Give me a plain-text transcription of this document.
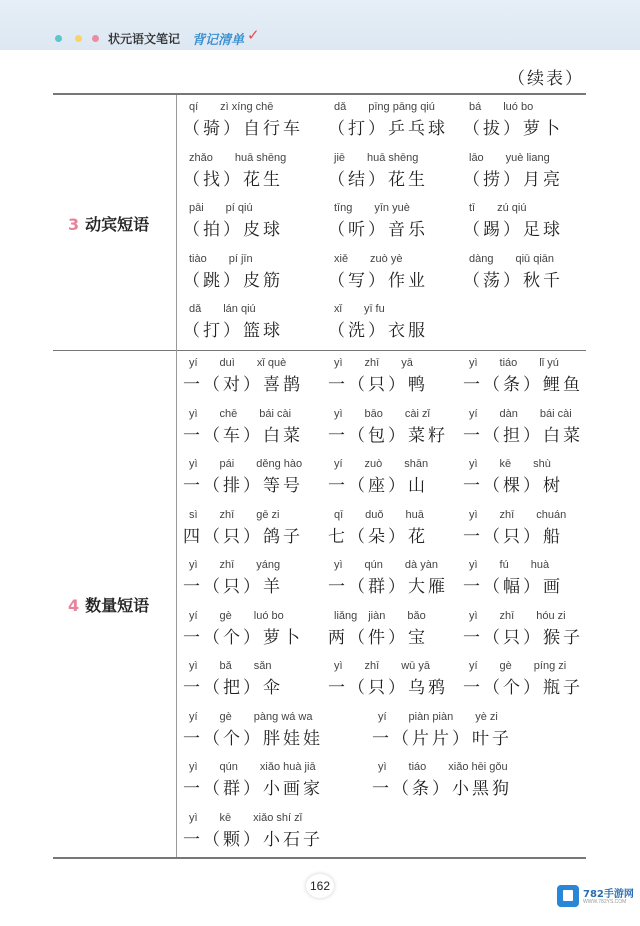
状元语文笔记 背记清单 ✓
（续表）
3 动宾短语
qí　　zì xíng chē
（骑）自行车
dǎ　　pīng pāng qiú
（打）乒乓球
bá　　luó bo
（拔）萝卜
zhǎo　　huā shēng
（找）花生
jiē　　huā shēng
（结）花生
lāo　　yuè liang
（捞）月亮
pāi　　pí qiú
（拍）皮球
tīng　　yīn yuè
（听）音乐
tī　　zú qiú
（踢）足球
tiào　　pí jīn
（跳）皮筋
xiě　　zuò yè
（写）作业
dàng　　qiū qiān
（荡）秋千
dǎ　　lán qiú
（打）篮球
xǐ　　yī fu
（洗）衣服
4 数量短语
yí　　duì　　xǐ què
一（对）喜鹊
yì　　zhī　　yā
一（只）鸭
yì　　tiáo　　lǐ yú
一（条）鲤鱼
yì　　chē　　bái cài
一（车）白菜
yì　　bāo　　cài zǐ
一（包）菜籽
yí　　dàn　　bái cài
一（担）白菜
yì　　pái　　děng hào
一（排）等号
yí　　zuò　　shān
一（座）山
yì　　kē　　shù
一（棵）树
sì　　zhī　　gē zi
四（只）鸽子
qī　　duǒ　　huā
七（朵）花
yì　　zhī　　chuán
一（只）船
yì　　zhī　　yáng
一（只）羊
yì　　qún　　dà yàn
一（群）大雁
yì　　fú　　huà
一（幅）画
yí　　gè　　luó bo
一（个）萝卜
liǎng　jiàn　　bǎo
两（件）宝
yì　　zhī　　hóu zi
一（只）猴子
yì　　bǎ　　sǎn
一（把）伞
yì　　zhī　　wū yā
一（只）乌鸦
yí　　gè　　píng zi
一（个）瓶子
yí　　gè　　pàng wá wa
一（个）胖娃娃
yí　　piàn piàn　　yè zi
一（片片）叶子
yì　　qún　　xiǎo huà jiā
一（群）小画家
yì　　tiáo　　xiǎo hēi gǒu
一（条）小黑狗
yì　　kē　　xiǎo shí zǐ
一（颗）小石子
162
782手游网
WWW.782YS.COM
